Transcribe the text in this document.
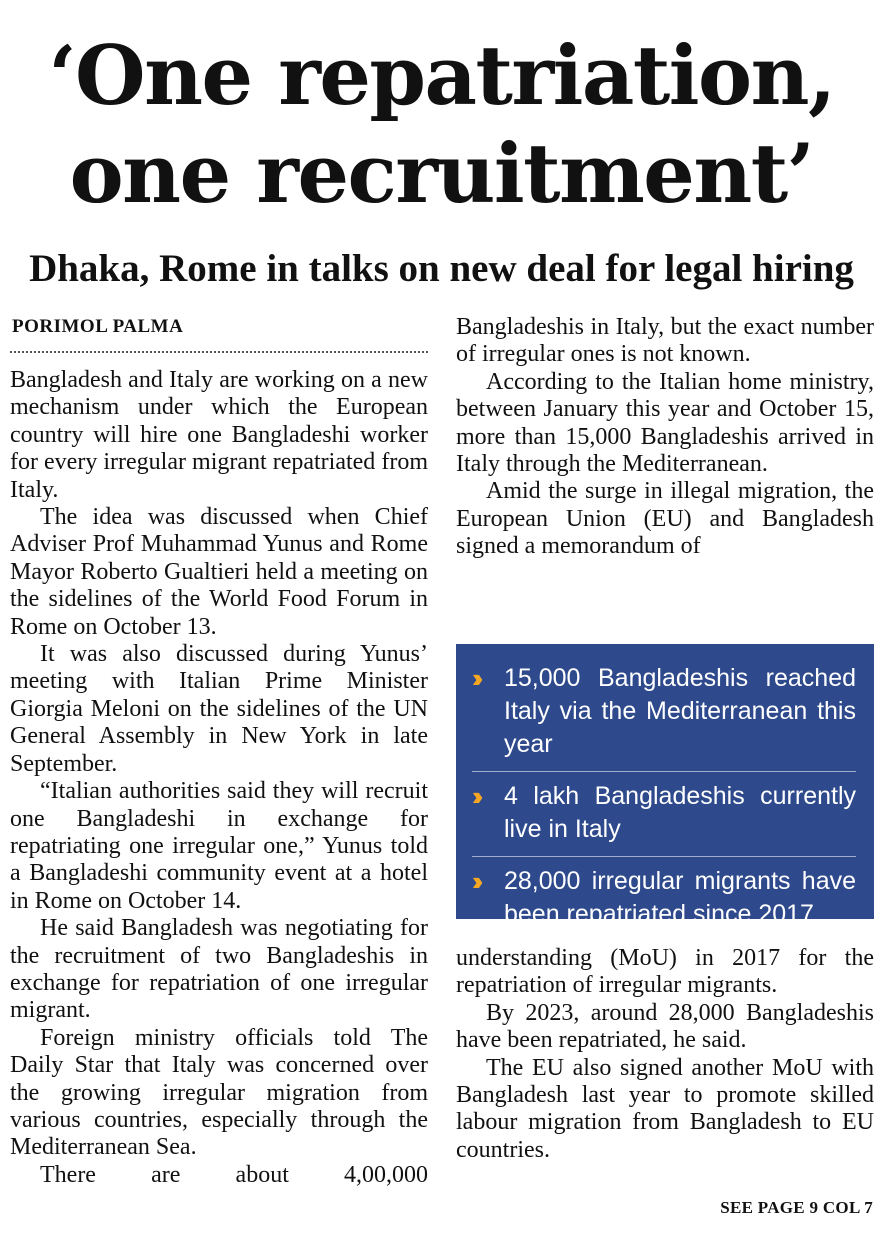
‘One repatriation,
one recruitment’
Dhaka, Rome in talks on new deal for legal hiring
PORIMOL PALMA

Bangladesh and Italy are working on a new mechanism under which the European country will hire one Bangladeshi worker for every irregular migrant repatriated from Italy.

The idea was discussed when Chief Adviser Prof Muhammad Yunus and Rome Mayor Roberto Gualtieri held a meeting on the sidelines of the World Food Forum in Rome on October 13.

It was also discussed during Yunus’ meeting with Italian Prime Minister Giorgia Meloni on the sidelines of the UN General Assembly in New York in late September.

“Italian authorities said they will recruit one Bangladeshi in exchange for repatriating one irregular one,” Yunus told a Bangladeshi community event at a hotel in Rome on October 14.

He said Bangladesh was negotiating for the recruitment of two Bangladeshis in exchange for repatriation of one irregular migrant.

Foreign ministry officials told The Daily Star that Italy was concerned over the growing irregular migration from various countries, especially through the Mediterranean Sea.

There are about 4,00,000

Bangladeshis in Italy, but the exact number of irregular ones is not known.

According to the Italian home ministry, between January this year and October 15, more than 15,000 Bangladeshis arrived in Italy through the Mediterranean.

Amid the surge in illegal migration, the European Union (EU) and Bangladesh signed a memorandum of

››	15,000 Bangladeshis reached Italy via the Mediterranean this year
››	4 lakh Bangladeshis currently live in Italy
››	28,000 irregular migrants have been repatriated since 2017

understanding (MoU) in 2017 for the repatriation of irregular migrants.

By 2023, around 28,000 Bangladeshis have been repatriated, he said.

The EU also signed another MoU with Bangladesh last year to promote skilled labour migration from Bangladesh to EU countries.

SEE PAGE 9 COL 7
